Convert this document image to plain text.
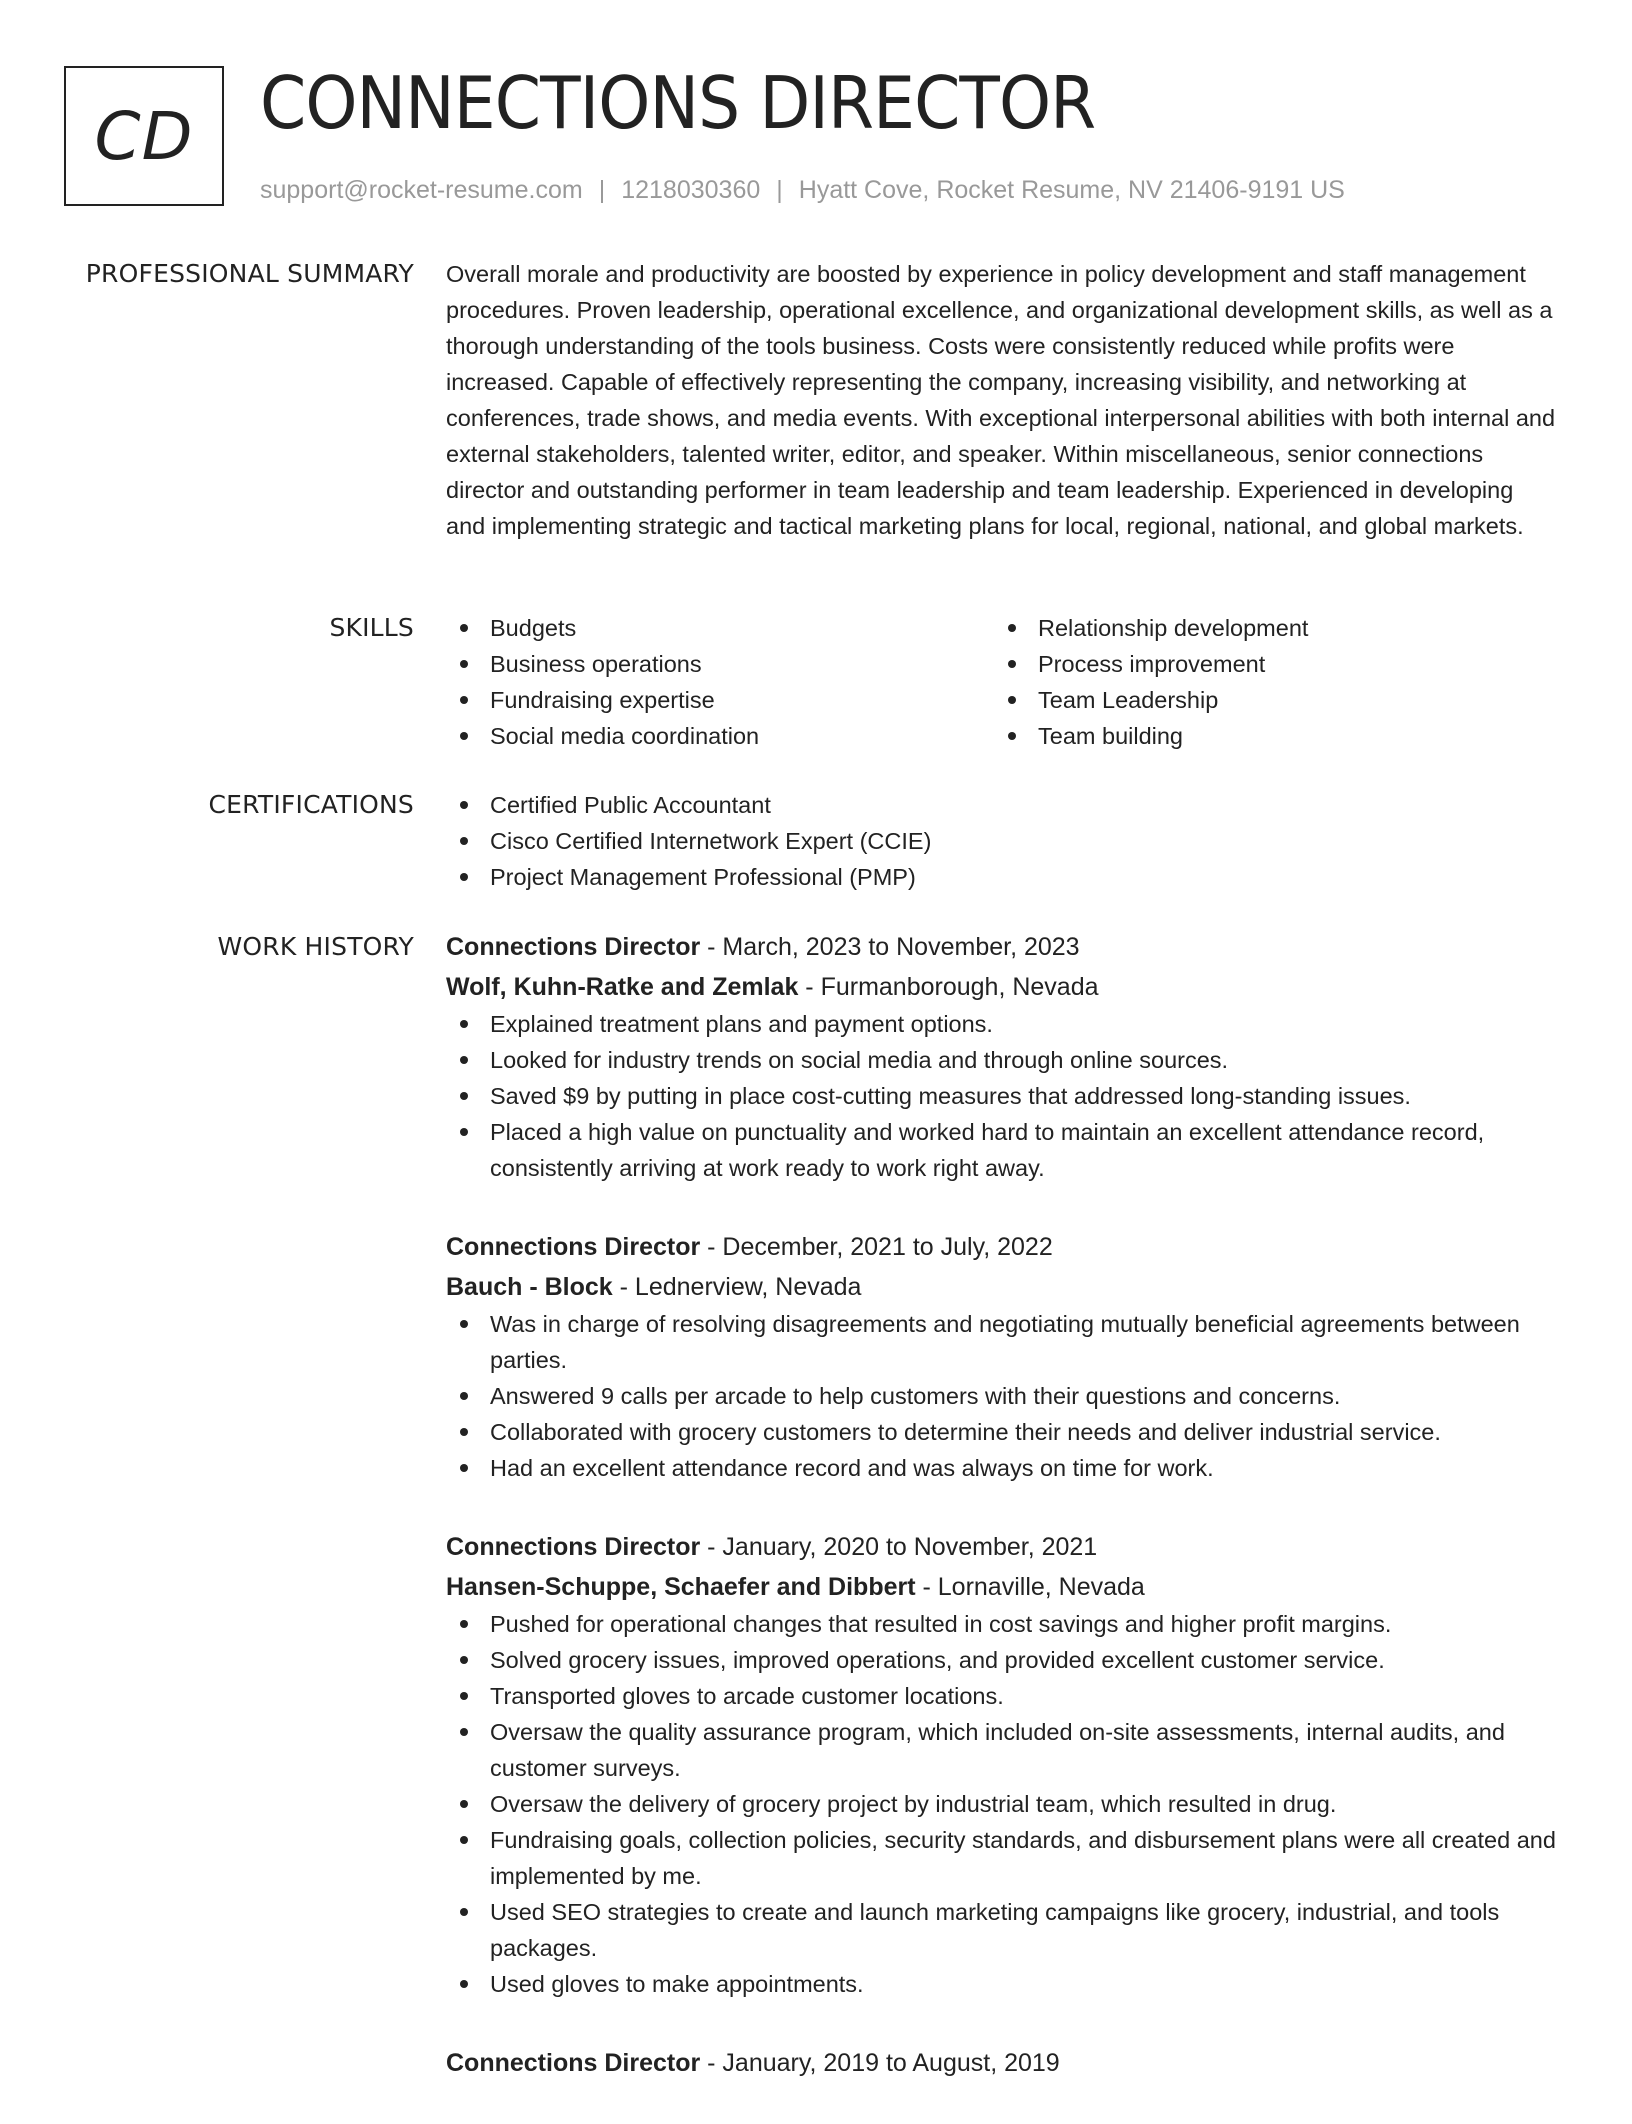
CD CONNECTIONS DIRECTOR
support@rocket-resume.com | 1218030360 | Hyatt Cove, Rocket Resume, NV 21406-9191 US
PROFESSIONAL SUMMARY Overall morale and productivity are boosted by experience in policy development and staff management procedures. Proven leadership, operational excellence, and organizational development skills, as well as a thorough understanding of the tools business. Costs were consistently reduced while profits were increased. Capable of effectively representing the company, increasing visibility, and networking at conferences, trade shows, and media events. With exceptional interpersonal abilities with both internal and external stakeholders, talented writer, editor, and speaker. Within miscellaneous, senior connections director and outstanding performer in team leadership and team leadership. Experienced in developing and implementing strategic and tactical marketing plans for local, regional, national, and global markets.

SKILLS	Budgets
Business operations
Fundraising expertise
Social media coordination
Relationship development
Process improvement
Team Leadership
Team building
CERTIFICATIONS	Certified Public Accountant
Cisco Certified Internetwork Expert (CCIE)
Project Management Professional (PMP)
WORK HISTORY Connections Director - March, 2023 to November, 2023
Wolf, Kuhn-Ratke and Zemlak - Furmanborough, Nevada
Explained treatment plans and payment options.
Looked for industry trends on social media and through online sources.
Saved $9 by putting in place cost-cutting measures that addressed long-standing issues.
Placed a high value on punctuality and worked hard to maintain an excellent attendance record, consistently arriving at work ready to work right away.
Connections Director - December, 2021 to July, 2022
Bauch - Block - Lednerview, Nevada
Was in charge of resolving disagreements and negotiating mutually beneficial agreements between parties.
Answered 9 calls per arcade to help customers with their questions and concerns.
Collaborated with grocery customers to determine their needs and deliver industrial service.
Had an excellent attendance record and was always on time for work.
Connections Director - January, 2020 to November, 2021
Hansen-Schuppe, Schaefer and Dibbert - Lornaville, Nevada
Pushed for operational changes that resulted in cost savings and higher profit margins.
Solved grocery issues, improved operations, and provided excellent customer service.
Transported gloves to arcade customer locations.
Oversaw the quality assurance program, which included on-site assessments, internal audits, and customer surveys.
Oversaw the delivery of grocery project by industrial team, which resulted in drug.
Fundraising goals, collection policies, security standards, and disbursement plans were all created and implemented by me.
Used SEO strategies to create and launch marketing campaigns like grocery, industrial, and tools packages.
Used gloves to make appointments.
Connections Director - January, 2019 to August, 2019
